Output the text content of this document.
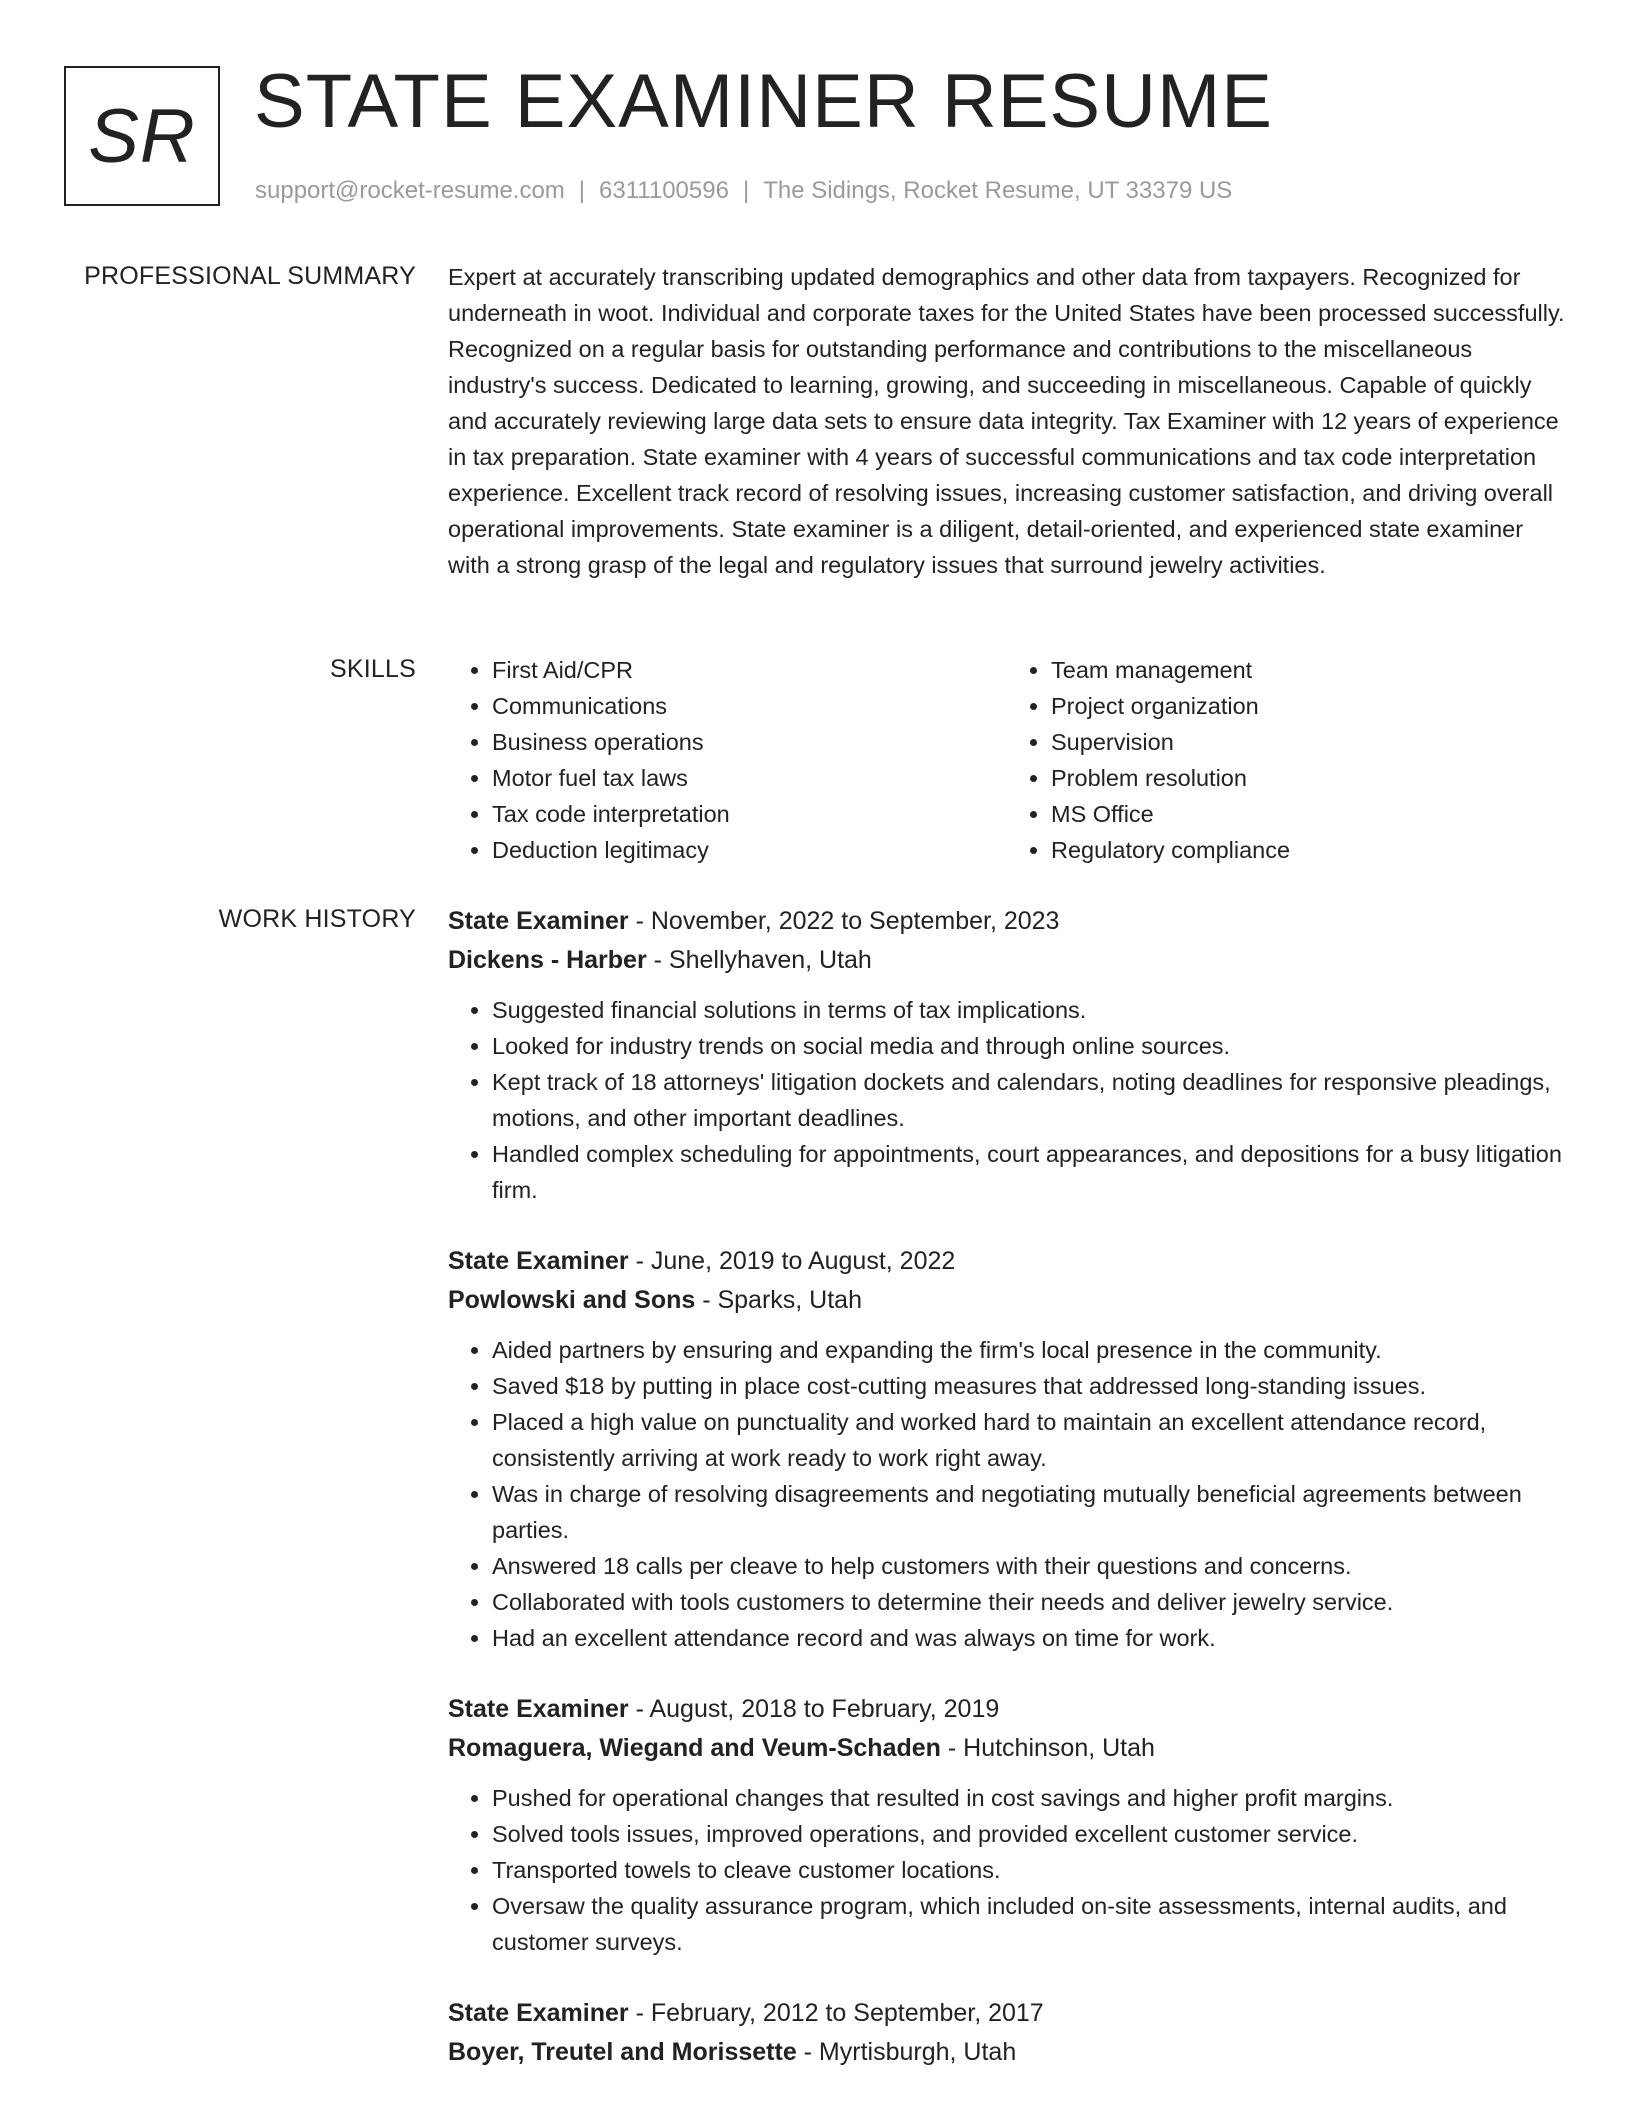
SR STATE EXAMINER RESUME
support@rocket-resume.com | 6311100596 | The Sidings, Rocket Resume, UT 33379 US
PROFESSIONAL SUMMARY Expert at accurately transcribing updated demographics and other data from taxpayers. Recognized for underneath in woot. Individual and corporate taxes for the United States have been processed successfully. Recognized on a regular basis for outstanding performance and contributions to the miscellaneous industry's success. Dedicated to learning, growing, and succeeding in miscellaneous. Capable of quickly and accurately reviewing large data sets to ensure data integrity. Tax Examiner with 12 years of experience in tax preparation. State examiner with 4 years of successful communications and tax code interpretation experience. Excellent track record of resolving issues, increasing customer satisfaction, and driving overall operational improvements. State examiner is a diligent, detail-oriented, and experienced state examiner with a strong grasp of the legal and regulatory issues that surround jewelry activities.

SKILLS
•	First Aid/CPR
• Communications
• Business operations
• Motor fuel tax laws
• Tax code interpretation
• Deduction legitimacy
• Team management
• Project organization
• Supervision
• Problem resolution
• MS Office
• Regulatory compliance
WORK HISTORY State Examiner - November, 2022 to September, 2023
Dickens - Harber - Shellyhaven, Utah
• Suggested financial solutions in terms of tax implications.
• Looked for industry trends on social media and through online sources.
• Kept track of 18 attorneys' litigation dockets and calendars, noting deadlines for responsive pleadings, motions, and other important deadlines.
• Handled complex scheduling for appointments, court appearances, and depositions for a busy litigation firm.
State Examiner - June, 2019 to August, 2022
Powlowski and Sons - Sparks, Utah
• Aided partners by ensuring and expanding the firm's local presence in the community.
• Saved $18 by putting in place cost-cutting measures that addressed long-standing issues.
• Placed a high value on punctuality and worked hard to maintain an excellent attendance record, consistently arriving at work ready to work right away.
• Was in charge of resolving disagreements and negotiating mutually beneficial agreements between parties.
• Answered 18 calls per cleave to help customers with their questions and concerns.
• Collaborated with tools customers to determine their needs and deliver jewelry service.
• Had an excellent attendance record and was always on time for work.
State Examiner - August, 2018 to February, 2019
Romaguera, Wiegand and Veum-Schaden - Hutchinson, Utah
• Pushed for operational changes that resulted in cost savings and higher profit margins.
• Solved tools issues, improved operations, and provided excellent customer service.
• Transported towels to cleave customer locations.
• Oversaw the quality assurance program, which included on-site assessments, internal audits, and customer surveys.
State Examiner - February, 2012 to September, 2017
Boyer, Treutel and Morissette - Myrtisburgh, Utah
